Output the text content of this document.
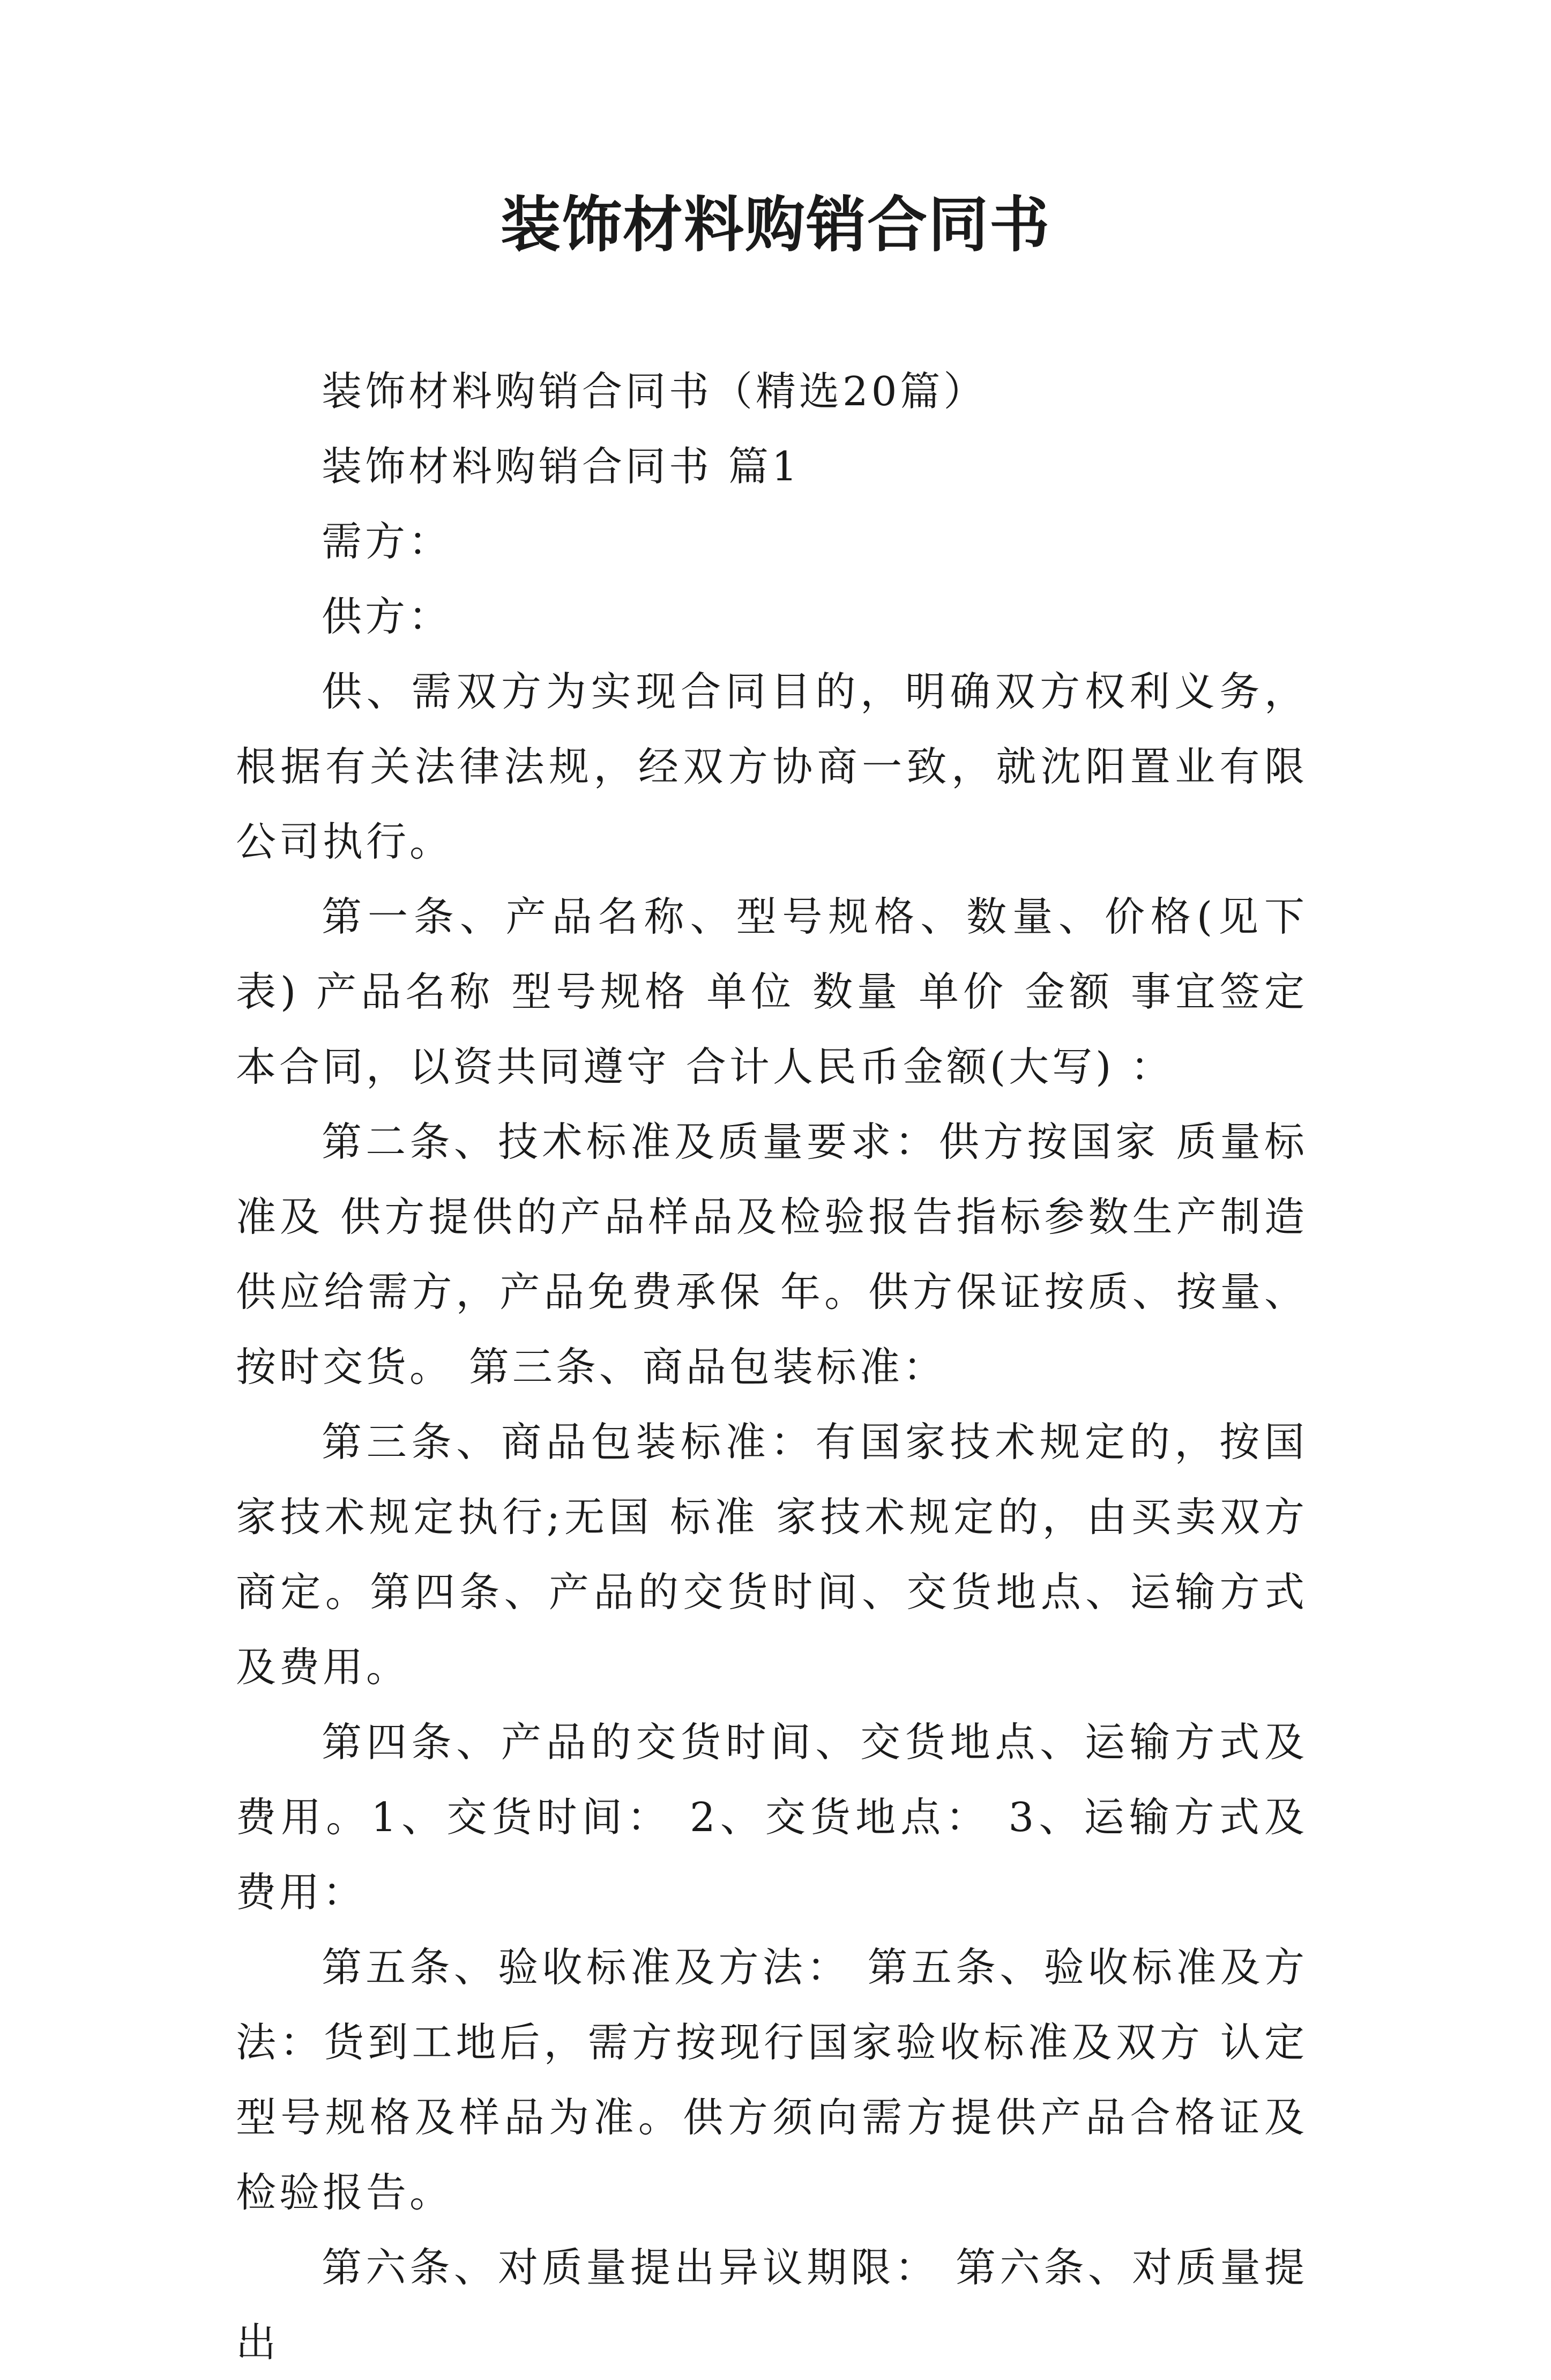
装饰材料购销合同书

装饰材料购销合同书（精选20篇）

装饰材料购销合同书 篇1

需方：

供方：

供、需双方为实现合同目的，明确双方权利义务，根据有关法律法规，经双方协商一致，就沈阳置业有限公司执行。

第一条、产品名称、型号规格、数量、价格(见下表) 产品名称 型号规格 单位 数量 单价 金额 事宜签定本合同，以资共同遵守 合计人民币金额(大写) ：

第二条、技术标准及质量要求：供方按国家 质量标准及 供方提供的产品样品及检验报告指标参数生产制造供应给需方，产品免费承保 年。供方保证按质、按量、按时交货。 第三条、商品包装标准：

第三条、商品包装标准：有国家技术规定的，按国家技术规定执行;无国 标准 家技术规定的，由买卖双方商定。第四条、产品的交货时间、交货地点、运输方式及费用。

第四条、产品的交货时间、交货地点、运输方式及费用。1、交货时间： 2、交货地点： 3、运输方式及费用：

第五条、验收标准及方法： 第五条、验收标准及方法：货到工地后，需方按现行国家验收标准及双方 认定型号规格及样品为准。供方须向需方提供产品合格证及检验报告。

第六条、对质量提出异议期限： 第六条、对质量提出
